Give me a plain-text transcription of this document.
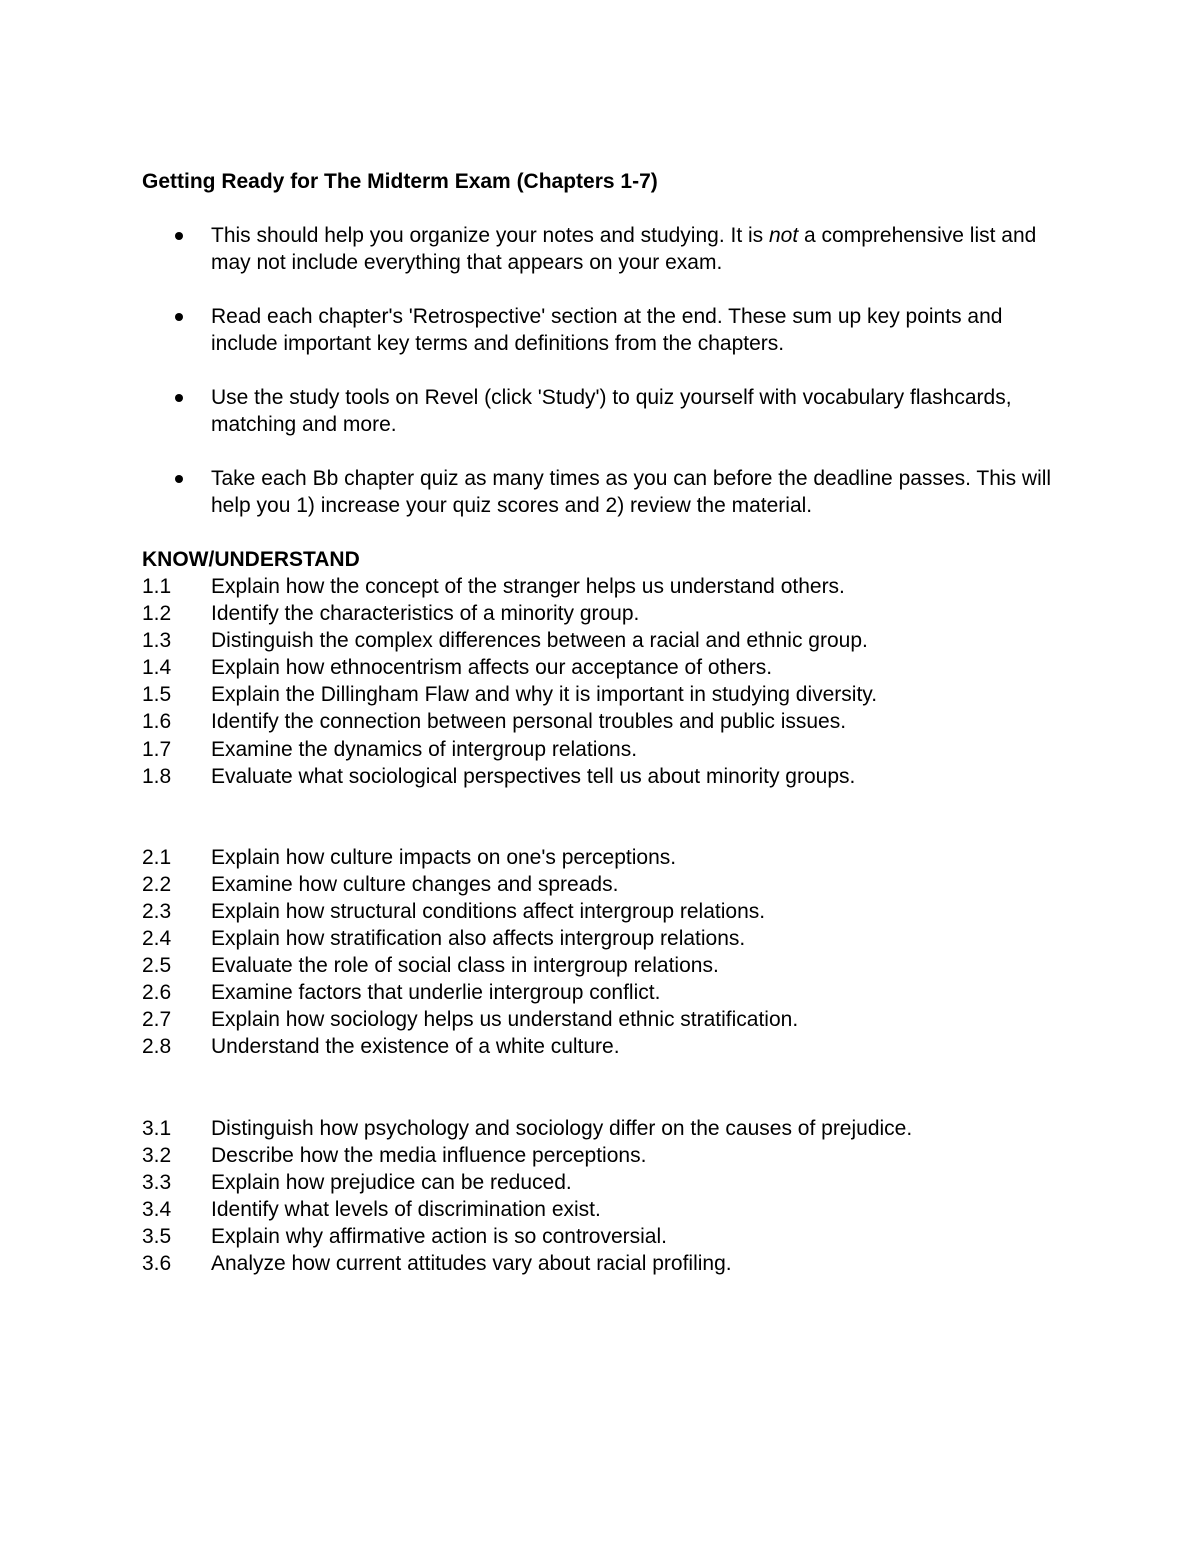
Getting Ready for The Midterm Exam (Chapters 1-7)

This should help you organize your notes and studying. It is not a comprehensive list and may not include everything that appears on your exam.
Read each chapter's 'Retrospective' section at the end. These sum up key points and include important key terms and definitions from the chapters.
Use the study tools on Revel (click 'Study') to quiz yourself with vocabulary flashcards, matching and more.
Take each Bb chapter quiz as many times as you can before the deadline passes. This will help you 1) increase your quiz scores and 2) review the material.

KNOW/UNDERSTAND

1.1	Explain how the concept of the stranger helps us understand others.
1.2	Identify the characteristics of a minority group.
1.3	Distinguish the complex differences between a racial and ethnic group.
1.4	Explain how ethnocentrism affects our acceptance of others.
1.5	Explain the Dillingham Flaw and why it is important in studying diversity.
1.6	Identify the connection between personal troubles and public issues.
1.7	Examine the dynamics of intergroup relations.
1.8	Evaluate what sociological perspectives tell us about minority groups.
2.1	Explain how culture impacts on one's perceptions.
2.2	Examine how culture changes and spreads.
2.3	Explain how structural conditions affect intergroup relations.
2.4	Explain how stratification also affects intergroup relations.
2.5	Evaluate the role of social class in intergroup relations.
2.6	Examine factors that underlie intergroup conflict.
2.7	Explain how sociology helps us understand ethnic stratification.
2.8	Understand the existence of a white culture.
3.1	Distinguish how psychology and sociology differ on the causes of prejudice.
3.2	Describe how the media influence perceptions.
3.3	Explain how prejudice can be reduced.
3.4	Identify what levels of discrimination exist.
3.5	Explain why affirmative action is so controversial.
3.6	Analyze how current attitudes vary about racial profiling.
